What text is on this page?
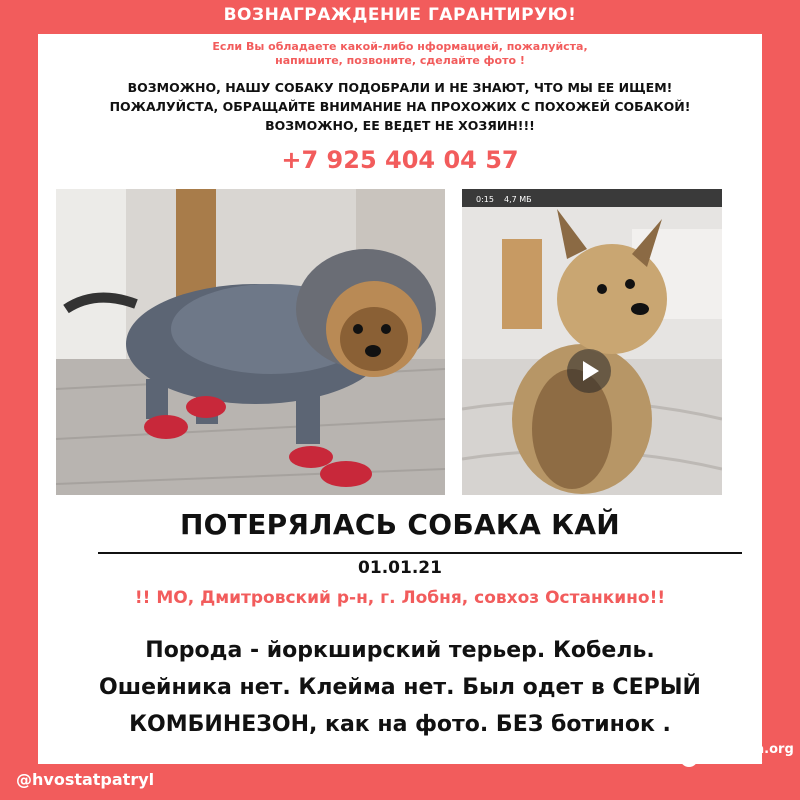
ВОЗНАГРАЖДЕНИЕ ГАРАНТИРУЮ!
Если Вы обладаете какой-либо нформацией, пожалуйста,
напишите, позвоните, сделайте фото !
ВОЗМОЖНО, НАШУ СОБАКУ ПОДОБРАЛИ И НЕ ЗНАЮТ, ЧТО МЫ ЕЕ ИЩЕМ!
ПОЖАЛУЙСТА, ОБРАЩАЙТЕ ВНИМАНИЕ НА ПРОХОЖИХ С ПОХОЖЕЙ СОБАКОЙ!
ВОЗМОЖНО, ЕЕ ВЕДЕТ НЕ ХОЗЯИН!!!
+7 925 404 04 57
0:15 4,7 МБ
ПОТЕРЯЛАСЬ СОБАКА КАЙ
01.01.21
!! МО, Дмитровский р-н, г. Лобня, совхоз Останкино!!
Порода - йоркширский терьер. Кобель.
Ошейника нет. Клейма нет. Был одет в СЕРЫЙ
КОМБИНЕЗОН, как на фото. БЕЗ ботинок .
@hvostatpatryl
Propala.org
LOST PETS DATABASE
